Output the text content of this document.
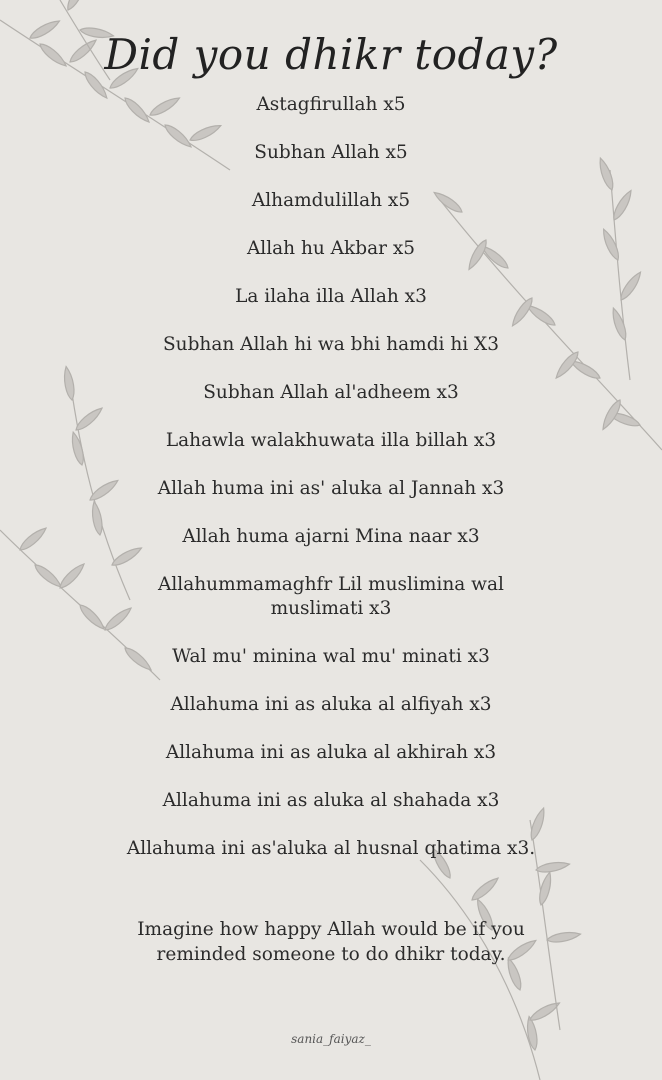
Did you dhikr today?
Astagfirullah x5
Subhan Allah x5
Alhamdulillah x5
Allah hu Akbar x5
La ilaha illa Allah x3
Subhan Allah hi wa bhi hamdi hi X3
Subhan Allah al'adheem x3
Lahawla walakhuwata illa billah x3
Allah huma ini as' aluka al Jannah x3
Allah huma ajarni Mina naar x3
Allahummamaghfr Lil muslimina wal muslimati x3
Wal mu' minina wal mu' minati x3
Allahuma ini as aluka al alfiyah x3
Allahuma ini as aluka al akhirah x3
Allahuma ini as aluka al shahada x3
Allahuma ini as'aluka al husnal qhatima x3.
Imagine how happy Allah would be if you reminded someone to do dhikr today.
sania_faiyaz_
